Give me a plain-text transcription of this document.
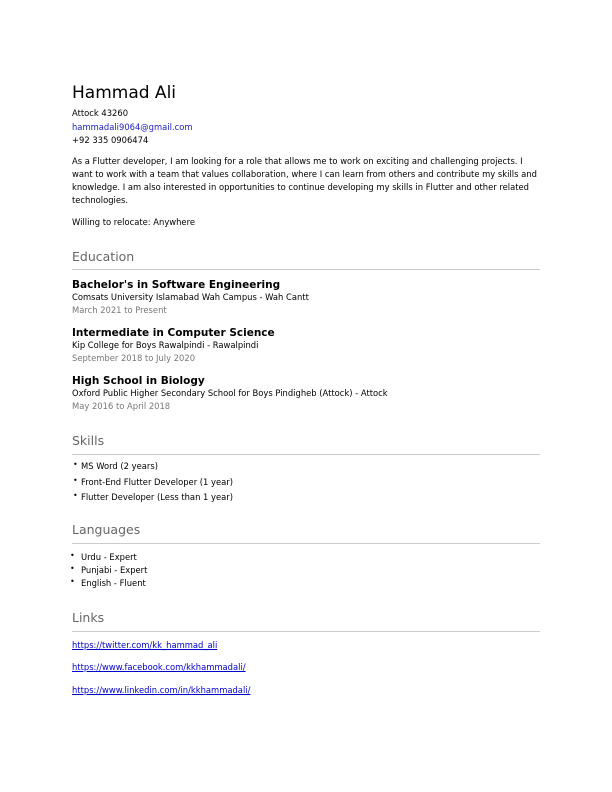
Hammad Ali
Attock 43260
hammadali9064@gmail.com
+92 335 0906474
As a Flutter developer, I am looking for a role that allows me to work on exciting and challenging projects. I want to work with a team that values collaboration, where I can learn from others and contribute my skills and knowledge. I am also interested in opportunities to continue developing my skills in Flutter and other related technologies.
Willing to relocate: Anywhere
Education
Bachelor's in Software Engineering
Comsats University Islamabad Wah Campus - Wah Cantt
March 2021 to Present
Intermediate in Computer Science
Kip College for Boys Rawalpindi - Rawalpindi
September 2018 to July 2020
High School in Biology
Oxford Public Higher Secondary School for Boys Pindigheb (Attock) - Attock
May 2016 to April 2018
Skills
• MS Word (2 years)
• Front-End Flutter Developer (1 year)
• Flutter Developer (Less than 1 year)
Languages
• Urdu - Expert
• Punjabi - Expert
• English - Fluent
Links
https://twitter.com/kk_hammad_ali
https://www.facebook.com/kkhammadali/
https://www.linkedin.com/in/kkhammadali/
